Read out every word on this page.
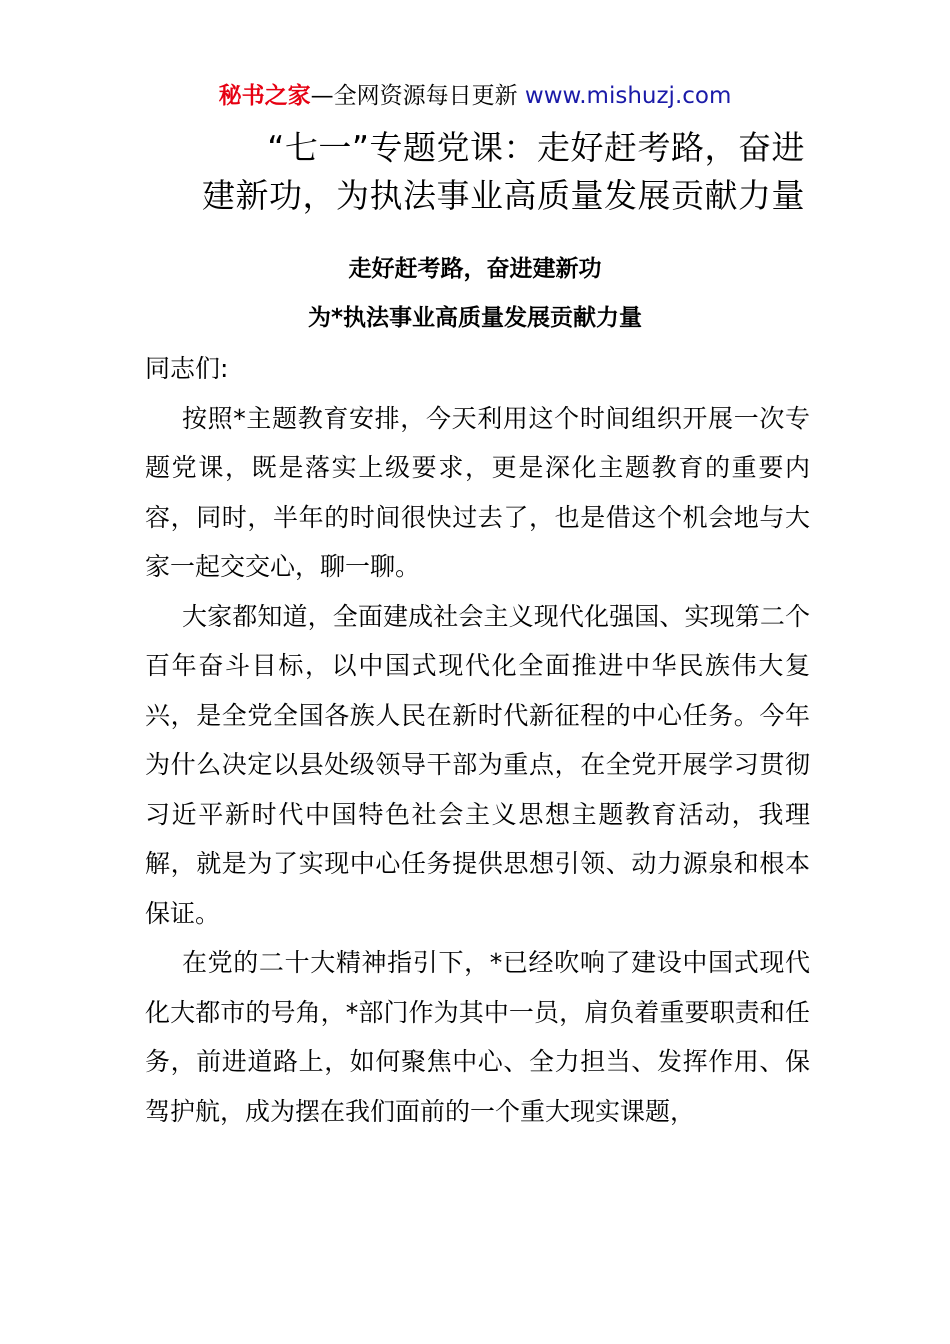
秘书之家—全网资源每日更新 www.mishuzj.com
“七一”专题党课：走好赶考路，奋进
建新功，为执法事业高质量发展贡献力量
走好赶考路，奋进建新功
为*执法事业高质量发展贡献力量

同志们:

按照*主题教育安排，今天利用这个时间组织开展一次专题党课，既是落实上级要求，更是深化主题教育的重要内容，同时，半年的时间很快过去了，也是借这个机会地与大家一起交交心，聊一聊。

大家都知道，全面建成社会主义现代化强国、实现第二个百年奋斗目标，以中国式现代化全面推进中华民族伟大复兴，是全党全国各族人民在新时代新征程的中心任务。今年为什么决定以县处级领导干部为重点，在全党开展学习贯彻习近平新时代中国特色社会主义思想主题教育活动，我理解，就是为了实现中心任务提供思想引领、动力源泉和根本保证。

在党的二十大精神指引下，*已经吹响了建设中国式现代化大都市的号角，*部门作为其中一员，肩负着重要职责和任务，前进道路上，如何聚焦中心、全力担当、发挥作用、保驾护航，成为摆在我们面前的一个重大现实课题，
